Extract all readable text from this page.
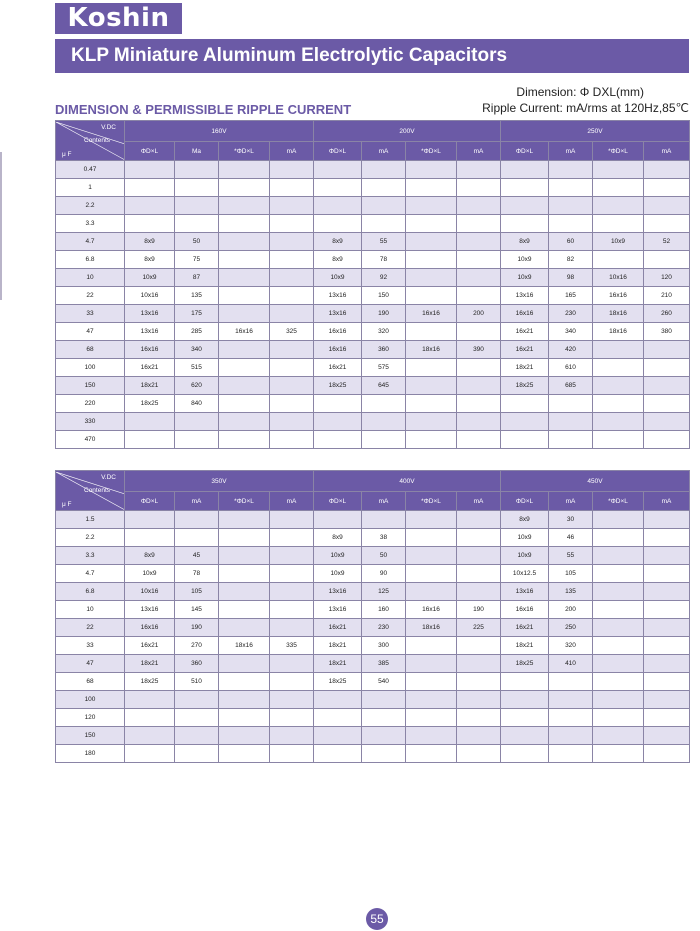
Koshin
KLP Miniature Aluminum Electrolytic Capacitors
Dimension: Φ DXL(mm)
DIMENSION & PERMISSIBLE RIPPLE CURRENT	Ripple Current: mA/rms at 120Hz,85℃
V.DC
Contents
μ F	160V				200V				250V			
	ΦD×L	Ma	*ΦD×L	mA	ΦD×L	mA	*ΦD×L	mA	ΦD×L	mA	*ΦD×L	mA
0.47												
1												
2.2												
3.3												
4.7	8x9	50			8x9	55			8x9	60	10x9	52
6.8	8x9	75			8x9	78			10x9	82		
10	10x9	87			10x9	92			10x9	98	10x16	120
22	10x16	135			13x16	150			13x16	165	16x16	210
33	13x16	175			13x16	190	16x16	200	16x16	230	18x16	260
47	13x16	285	16x16	325	16x16	320			16x21	340	18x16	380
68	16x16	340			16x16	360	18x16	390	16x21	420		
100	16x21	515			16x21	575			18x21	610		
150	18x21	620			18x25	645			18x25	685		
220	18x25	840										
330												
470												
V.DC
Contents
μ F	350V				400V				450V			
	ΦD×L	mA	*ΦD×L	mA	ΦD×L	mA	*ΦD×L	mA	ΦD×L	mA	*ΦD×L	mA
1.5									8x9	30		
2.2					8x9	38			10x9	46		
3.3	8x9	45			10x9	50			10x9	55		
4.7	10x9	78			10x9	90			10x12.5	105		
6.8	10x16	105			13x16	125			13x16	135		
10	13x16	145			13x16	160	16x16	190	16x16	200		
22	16x16	190			16x21	230	18x16	225	16x21	250		
33	16x21	270	18x16	335	18x21	300			18x21	320		
47	18x21	360			18x21	385			18x25	410		
68	18x25	510			18x25	540						
100												
120												
150												
180												
55
